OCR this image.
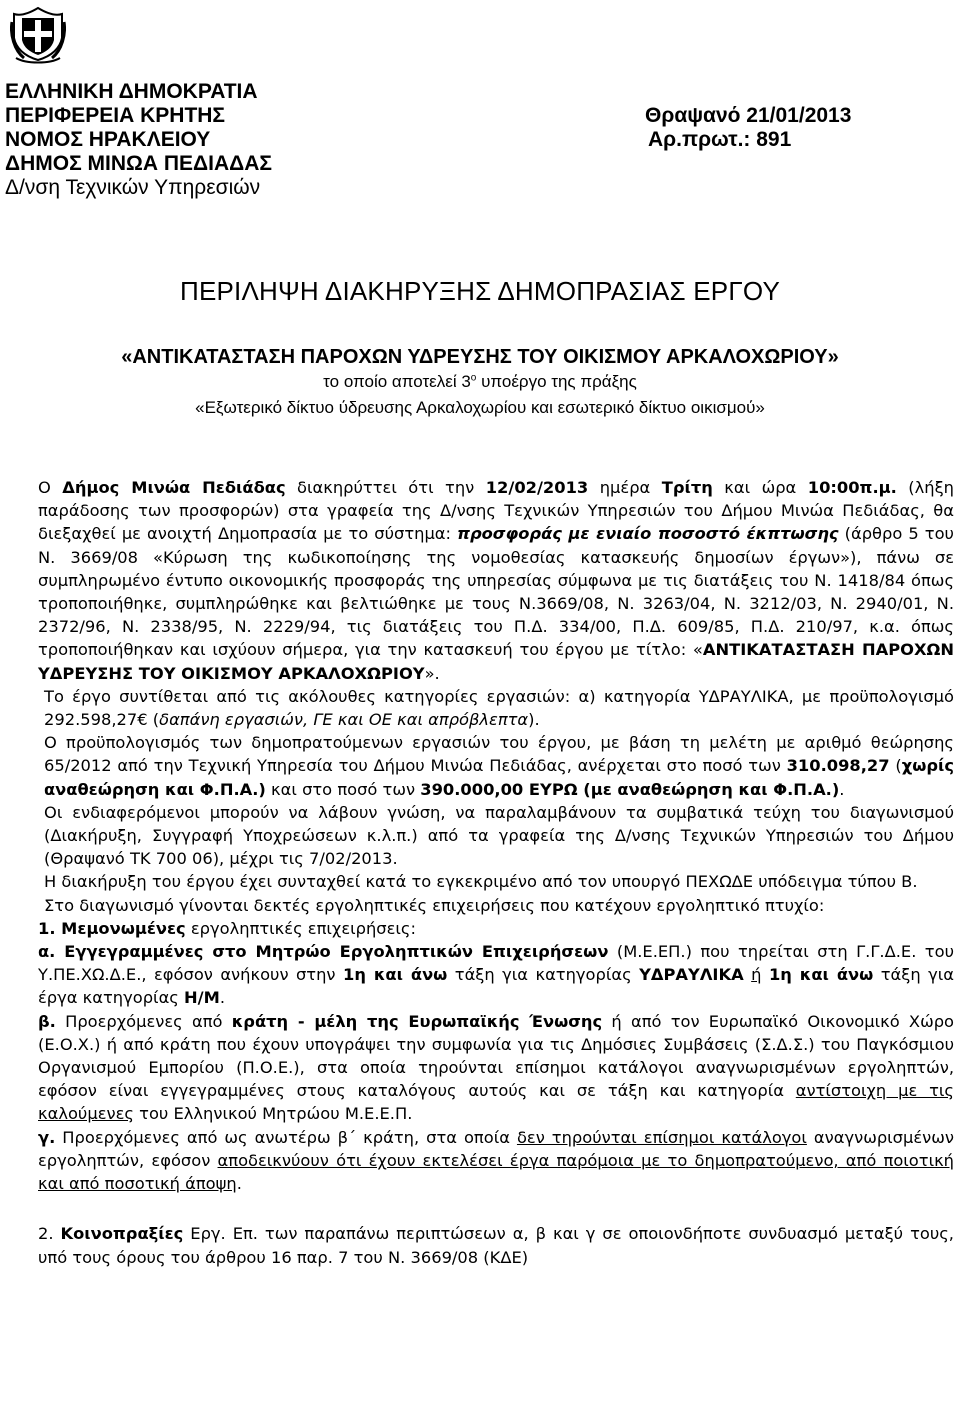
ΕΛΛΗΝΙΚΗ ΔΗΜΟΚΡΑΤΙΑ
ΠΕΡΙΦΕΡΕΙΑ ΚΡΗΤΗΣ
ΝΟΜΟΣ ΗΡΑΚΛΕΙΟΥ
ΔΗΜΟΣ ΜΙΝΩΑ ΠΕΔΙΑΔΑΣ
Δ/νση Τεχνικών Υπηρεσιών
Θραψανό 21/01/2013
Αρ.πρωτ.: 891
ΠΕΡΙΛΗΨΗ ΔΙΑΚΗΡΥΞΗΣ ΔΗΜΟΠΡΑΣΙΑΣ ΕΡΓΟΥ
«ΑΝΤΙΚΑΤΑΣΤΑΣΗ ΠΑΡΟΧΩΝ ΥΔΡΕΥΣΗΣ ΤΟΥ ΟΙΚΙΣΜΟΥ ΑΡΚΑΛΟΧΩΡΙΟΥ»
το οποίο αποτελεί $3^o$ υποέργο της πράξης
«Εξωτερικό δίκτυο ύδρευσης Αρκαλοχωρίου και εσωτερικό δίκτυο οικισμού»

Ο Δήμος Μινώα Πεδιάδας διακηρύττει ότι την 12/02/2013 ημέρα Τρίτη και ώρα 10:00π.μ. (λήξη παράδοσης των προσφορών) στα γραφεία της Δ/νσης Τεχνικών Υπηρεσιών του Δήμου Μινώα Πεδιάδας, θα διεξαχθεί με ανοιχτή Δημοπρασία με το σύστημα: προσφοράς με ενιαίο ποσοστό έκπτωσης (άρθρο 5 του Ν. 3669/08 «Κύρωση της κωδικοποίησης της νομοθεσίας κατασκευής δημοσίων έργων»), πάνω σε συμπληρωμένο έντυπο οικονομικής προσφοράς της υπηρεσίας σύμφωνα με τις διατάξεις του Ν. 1418/84 όπως τροποποιήθηκε, συμπληρώθηκε και βελτιώθηκε με τους Ν.3669/08, Ν. 3263/04, Ν. 3212/03, Ν. 2940/01, Ν. 2372/96, Ν. 2338/95, Ν. 2229/94, τις διατάξεις του Π.Δ. 334/00, Π.Δ. 609/85, Π.Δ. 210/97, κ.α. όπως τροποποιήθηκαν και ισχύουν σήμερα, για την κατασκευή του έργου με τίτλο: «ΑΝΤΙΚΑΤΑΣΤΑΣΗ ΠΑΡΟΧΩΝ ΥΔΡΕΥΣΗΣ ΤΟΥ ΟΙΚΙΣΜΟΥ ΑΡΚΑΛΟΧΩΡΙΟΥ».

Το έργο συντίθεται από τις ακόλουθες κατηγορίες εργασιών: α) κατηγορία ΥΔΡΑΥΛΙΚΑ, με προϋπολογισμό 292.598,27€ (δαπάνη εργασιών, ΓΕ και ΟΕ και απρόβλεπτα).

Ο προϋπολογισμός των δημοπρατούμενων εργασιών του έργου, με βάση τη μελέτη με αριθμό θεώρησης 65/2012 από την Τεχνική Υπηρεσία του Δήμου Μινώα Πεδιάδας, ανέρχεται στο ποσό των 310.098,27 (χωρίς αναθεώρηση και Φ.Π.Α.) και στο ποσό των 390.000,00 ΕΥΡΩ (με αναθεώρηση και Φ.Π.Α.).

Οι ενδιαφερόμενοι μπορούν να λάβουν γνώση, να παραλαμβάνουν τα συμβατικά τεύχη του διαγωνισμού (Διακήρυξη, Συγγραφή Υποχρεώσεων κ.λ.π.) από τα γραφεία της Δ/νσης Τεχνικών Υπηρεσιών του Δήμου (Θραψανό ΤΚ 700 06), μέχρι τις 7/02/2013.

Η διακήρυξη του έργου έχει συνταχθεί κατά το εγκεκριμένο από τον υπουργό ΠΕΧΩΔΕ υπόδειγμα τύπου Β.

Στο διαγωνισμό γίνονται δεκτές εργοληπτικές επιχειρήσεις που κατέχουν εργοληπτικό πτυχίο:

1. Μεμονωμένες εργοληπτικές επιχειρήσεις:

α. Εγγεγραμμένες στο Μητρώο Εργοληπτικών Επιχειρήσεων (Μ.Ε.ΕΠ.) που τηρείται στη Γ.Γ.Δ.Ε. του Υ.ΠΕ.ΧΩ.Δ.Ε., εφόσον ανήκουν στην 1η και άνω τάξη για κατηγορίας ΥΔΡΑΥΛΙΚΑ ή 1η και άνω τάξη για έργα κατηγορίας Η/Μ.

β. Προερχόμενες από κράτη - μέλη της Ευρωπαϊκής Ένωσης ή από τον Ευρωπαϊκό Οικονομικό Χώρο (Ε.Ο.Χ.) ή από κράτη που έχουν υπογράψει την συμφωνία για τις Δημόσιες Συμβάσεις (Σ.Δ.Σ.) του Παγκόσμιου Οργανισμού Εμπορίου (Π.Ο.Ε.), στα οποία τηρούνται επίσημοι κατάλογοι αναγνωρισμένων εργοληπτών, εφόσον είναι εγγεγραμμένες στους καταλόγους αυτούς και σε τάξη και κατηγορία αντίστοιχη με τις καλούμενες του Ελληνικού Μητρώου Μ.Ε.Ε.Π.

γ. Προερχόμενες από ως ανωτέρω β΄ κράτη, στα οποία δεν τηρούνται επίσημοι κατάλογοι αναγνωρισμένων εργοληπτών, εφόσον αποδεικνύουν ότι έχουν εκτελέσει έργα παρόμοια με το δημοπρατούμενο, από ποιοτική και από ποσοτική άποψη.

2. Κοινοπραξίες Εργ. Επ. των παραπάνω περιπτώσεων α, β και γ σε οποιονδήποτε συνδυασμό μεταξύ τους, υπό τους όρους του άρθρου 16 παρ. 7 του Ν. 3669/08 (ΚΔΕ)
